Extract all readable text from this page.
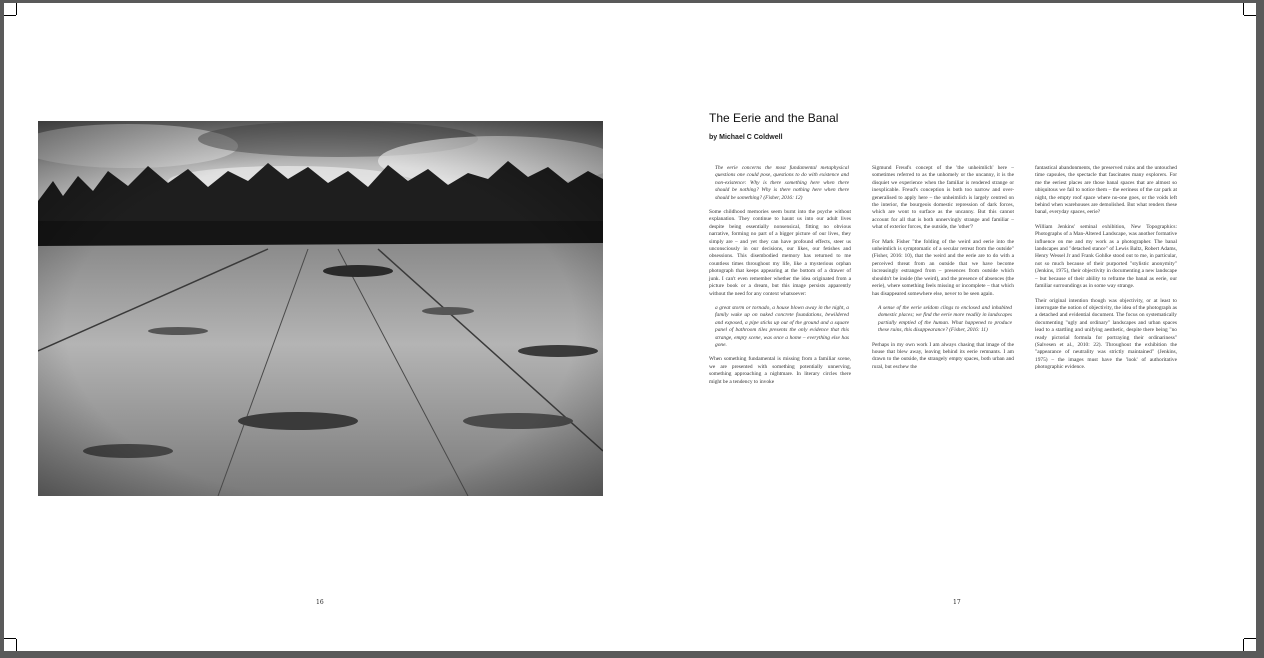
16
The Eerie and the Banal
by Michael C Coldwell

The eerie concerns the most fundamental metaphysical questions one could pose, questions to do with existence and non-existence: Why is there something here when there should be nothing? Why is there nothing here when there should be something? (Fisher, 2016: 12)

Some childhood memories seem burnt into the psyche without explanation. They continue to haunt us into our adult lives despite being essentially nonsensical, fitting no obvious narrative, forming no part of a bigger picture of our lives, they simply are – and yet they can have profound effects, steer us unconsciously in our decisions, our likes, our fetishes and obsessions. This disembodied memory has returned to me countless times throughout my life, like a mysterious orphan photograph that keeps appearing at the bottom of a drawer of junk. I can't even remember whether the idea originated from a picture book or a dream, but this image persists apparently without the need for any context whatsoever:

a great storm or tornado, a house blown away in the night, a family wake up on naked concrete foundations, bewildered and exposed, a pipe sticks up out of the ground and a square panel of bathroom tiles presents the only evidence that this strange, empty scene, was once a home – everything else has gone.

When something fundamental is missing from a familiar scene, we are presented with something potentially unnerving, something approaching a nightmare. In literary circles there might be a tendency to invoke

Sigmund Freud's concept of the 'the unheimlich' here – sometimes referred to as the unhomely or the uncanny, it is the disquiet we experience when the familiar is rendered strange or inexplicable. Freud's conception is both too narrow and over-generalised to apply here – the unheimlich is largely centred on the interior, the bourgeois domestic repression of dark forces, which are wont to surface as the uncanny. But this cannot account for all that is both unnervingly strange and familiar – what of exterior forces, the outside, the 'other'?

For Mark Fisher "the folding of the weird and eerie into the unheimlich is symptomatic of a secular retreat from the outside" (Fisher, 2016: 10), that the weird and the eerie are to do with a perceived threat from an outside that we have become increasingly estranged from – presences from outside which shouldn't be inside (the weird), and the presence of absences (the eerie), where something feels missing or incomplete – that which has disappeared somewhere else, never to be seen again.

A sense of the eerie seldom clings to enclosed and inhabited domestic places; we find the eerie more readily in landscapes partially emptied of the human. What happened to produce these ruins, this disappearance? (Fisher, 2016: 11)

Perhaps in my own work I am always chasing that image of the house that blew away, leaving behind its eerie remnants. I am drawn to the outside, the strangely empty spaces, both urban and rural, but eschew the

fantastical abandonments, the preserved ruins and the untouched time capsules, the spectacle that fascinates many explorers. For me the eeriest places are those banal spaces that are almost so ubiquitous we fail to notice them – the eeriness of the car park at night, the empty roof space where no-one goes, or the voids left behind when warehouses are demolished. But what renders these banal, everyday spaces, eerie?

William Jenkins' seminal exhibition, New Topographics: Photographs of a Man-Altered Landscape, was another formative influence on me and my work as a photographer. The banal landscapes and "detached stance" of Lewis Baltz, Robert Adams, Henry Wessel Jr and Frank Gohlke stood out to me, in particular, not so much because of their purported "stylistic anonymity" (Jenkins, 1975), their objectivity in documenting a new landscape – but because of their ability to reframe the banal as eerie, our familiar surroundings as in some way strange.

Their original intention though was objectivity, or at least to interrogate the notion of objectivity, the idea of the photograph as a detached and evidential document. The focus on systematically documenting "ugly and ordinary" landscapes and urban spaces lead to a startling and unifying aesthetic, despite there being "no ready pictorial formula for portraying their ordinariness" (Salvesen et al., 2010: 22). Throughout the exhibition the "appearance of neutrality was strictly maintained" (Jenkins, 1975) – the images must have the 'look' of authoritative photographic evidence.

17
